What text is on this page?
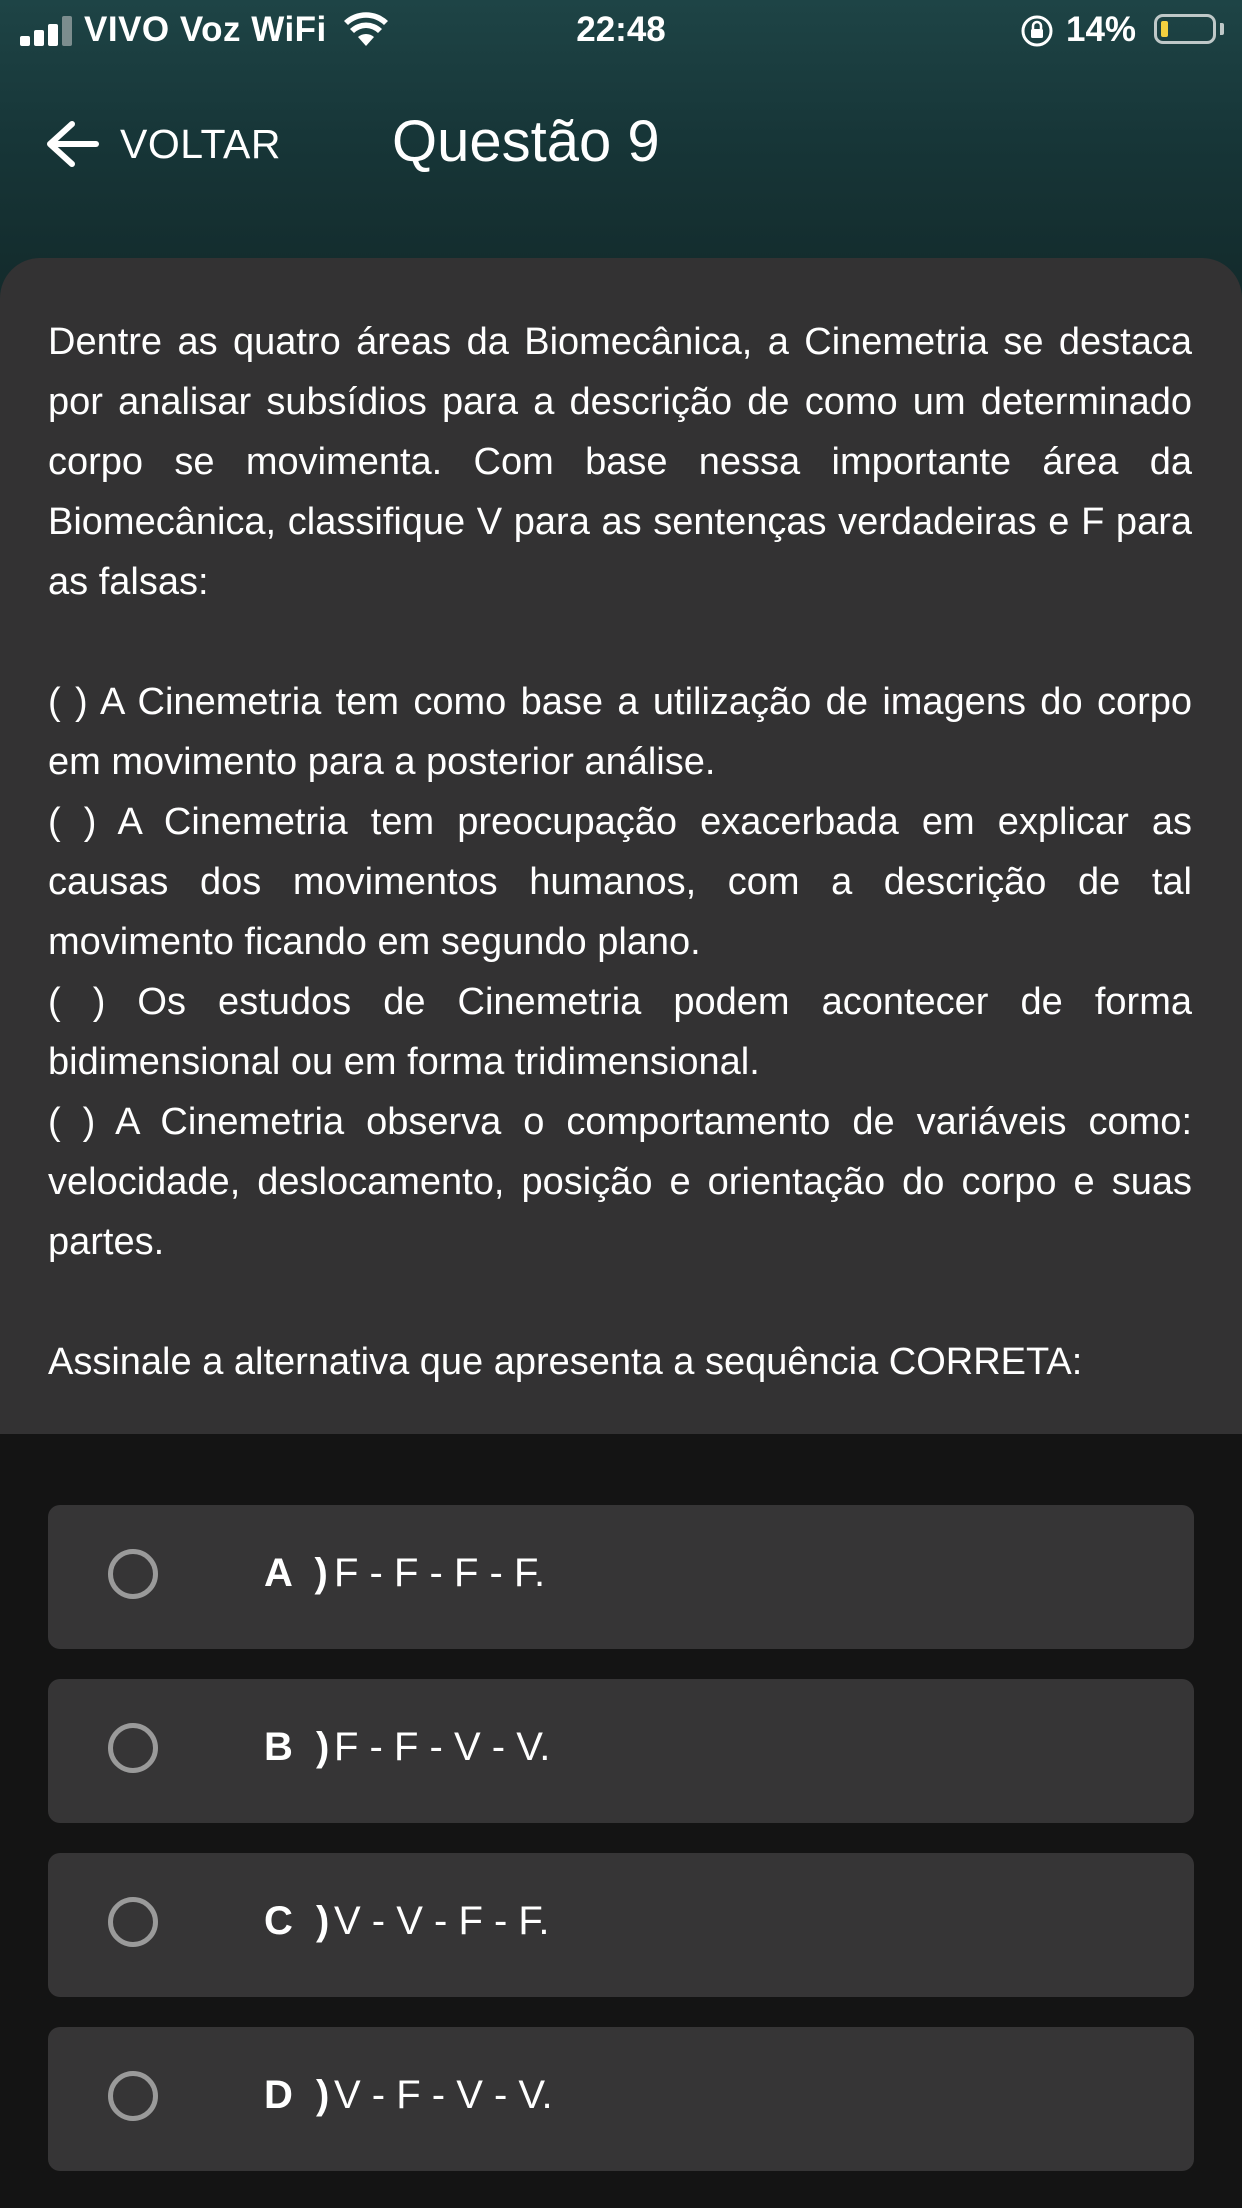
VIVO Voz WiFi	22:48	14%
VOLTAR Questão 9

Dentre as quatro áreas da Biomecânica, a Cinemetria se destaca por analisar subsídios para a descrição de como um determinado corpo se movimenta. Com base nessa importante área da Biomecânica, classifique V para as sentenças verdadeiras e F para as falsas:

( ) A Cinemetria tem como base a utilização de imagens do corpo em movimento para a posterior análise.

( ) A Cinemetria tem preocupação exacerbada em explicar as causas dos movimentos humanos, com a descrição de tal movimento ficando em segundo plano.

( ) Os estudos de Cinemetria podem acontecer de forma bidimensional ou em forma tridimensional.

( ) A Cinemetria observa o comportamento de variáveis como: velocidade, deslocamento, posição e orientação do corpo e suas partes.

Assinale a alternativa que apresenta a sequência CORRETA:

A ) F - F - F - F.
B )
F - F - V - V.
C )
V - V - F - F.
D )
V - F - V - V.
